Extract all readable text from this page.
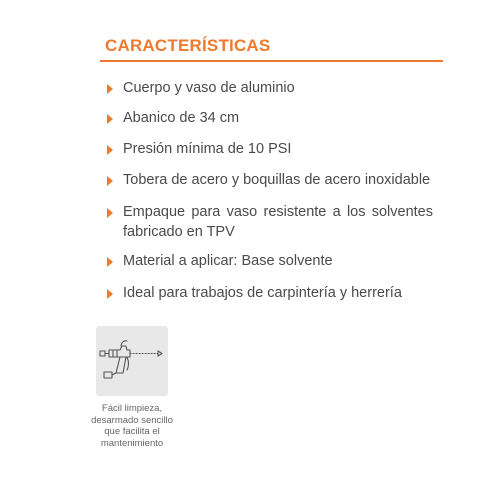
CARACTERÍSTICAS
Cuerpo y vaso de aluminio
Abanico de 34 cm
Presión mínima de 10 PSI
Tobera de acero y boquillas de acero inoxidable
Empaque para vaso resistente a los solventes fabricado en TPV
Material a aplicar: Base solvente
Ideal para trabajos de carpintería y herrería

Fácil limpieza, desarmado sencillo que facilita el mantenimiento
